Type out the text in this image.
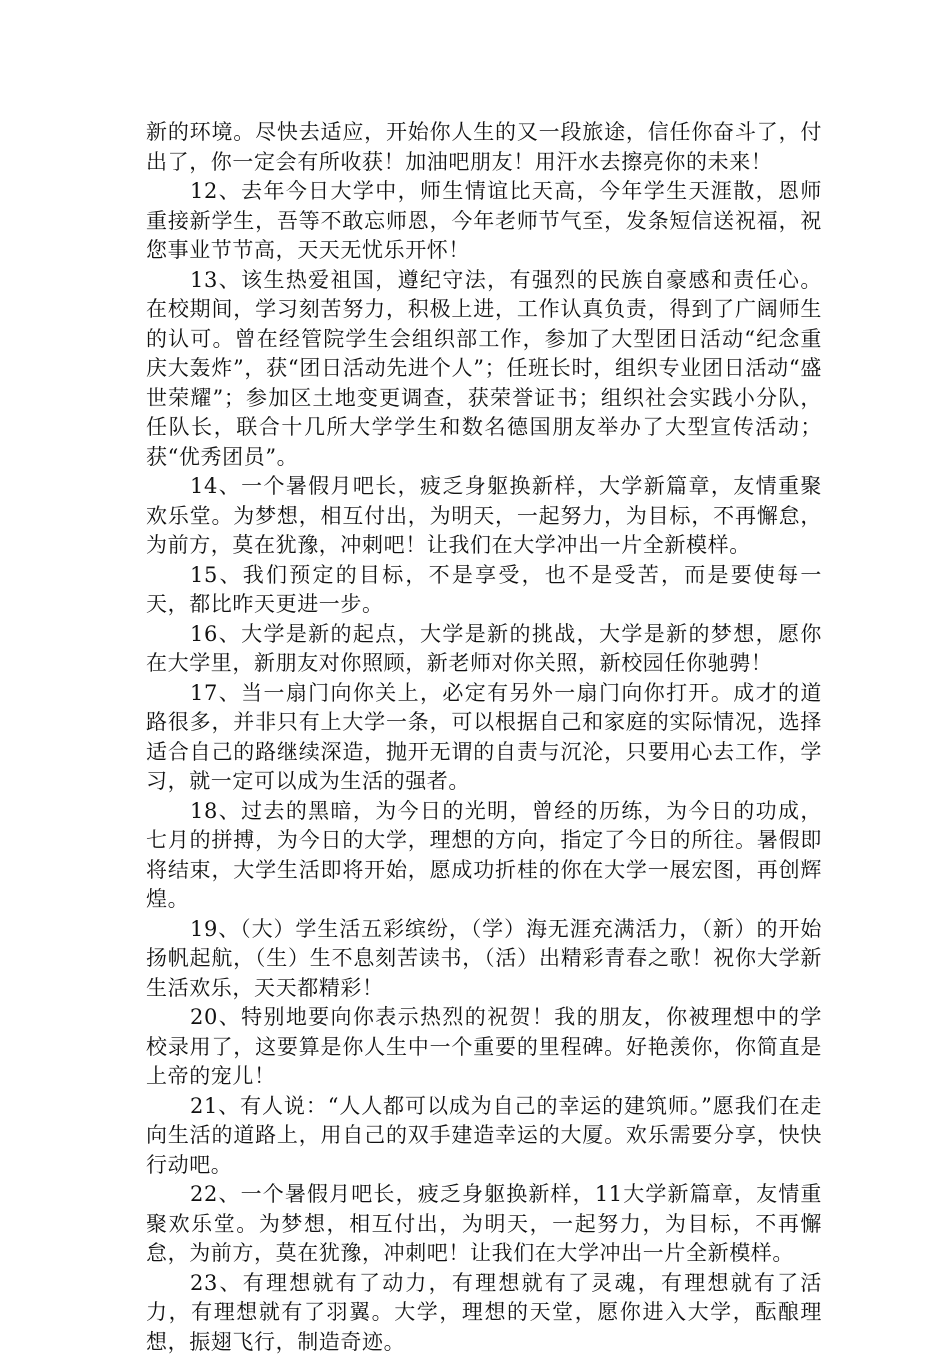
新的环境。尽快去适应，开始你人生的又一段旅途，信任你奋斗了，付出了，你一定会有所收获！加油吧朋友！用汗水去擦亮你的未来！

12、去年今日大学中，师生情谊比天高，今年学生天涯散，恩师重接新学生，吾等不敢忘师恩，今年老师节气至，发条短信送祝福，祝您事业节节高，天天无忧乐开怀！

13、该生热爱祖国，遵纪守法，有强烈的民族自豪感和责任心。在校期间，学习刻苦努力，积极上进，工作认真负责，得到了广阔师生的认可。曾在经管院学生会组织部工作，参加了大型团日活动“纪念重庆大轰炸”，获“团日活动先进个人”；任班长时，组织专业团日活动“盛世荣耀”；参加区土地变更调查，获荣誉证书；组织社会实践小分队，任队长，联合十几所大学学生和数名德国朋友举办了大型宣传活动；获“优秀团员”。

14、一个暑假月吧长，疲乏身躯换新样，大学新篇章，友情重聚欢乐堂。为梦想，相互付出，为明天，一起努力，为目标，不再懈怠，为前方，莫在犹豫，冲刺吧！让我们在大学冲出一片全新模样。

15、我们预定的目标，不是享受，也不是受苦，而是要使每一天，都比昨天更进一步。

16、大学是新的起点，大学是新的挑战，大学是新的梦想，愿你在大学里，新朋友对你照顾，新老师对你关照，新校园任你驰骋！

17、当一扇门向你关上，必定有另外一扇门向你打开。成才的道路很多，并非只有上大学一条，可以根据自己和家庭的实际情况，选择适合自己的路继续深造，抛开无谓的自责与沉沦，只要用心去工作，学习，就一定可以成为生活的强者。

18、过去的黑暗，为今日的光明，曾经的历练，为今日的功成，七月的拼搏，为今日的大学，理想的方向，指定了今日的所往。暑假即将结束，大学生活即将开始，愿成功折桂的你在大学一展宏图，再创辉煌。

19、（大）学生活五彩缤纷，（学）海无涯充满活力，（新）的开始扬帆起航，（生）生不息刻苦读书，（活）出精彩青春之歌！祝你大学新生活欢乐，天天都精彩！

20、特别地要向你表示热烈的祝贺！我的朋友，你被理想中的学校录用了，这要算是你人生中一个重要的里程碑。好艳羡你，你简直是上帝的宠儿！

21、有人说：“人人都可以成为自己的幸运的建筑师。”愿我们在走向生活的道路上，用自己的双手建造幸运的大厦。欢乐需要分享，快快行动吧。

22、一个暑假月吧长，疲乏身躯换新样，11大学新篇章，友情重聚欢乐堂。为梦想，相互付出，为明天，一起努力，为目标，不再懈怠，为前方，莫在犹豫，冲刺吧！让我们在大学冲出一片全新模样。

23、有理想就有了动力，有理想就有了灵魂，有理想就有了活力，有理想就有了羽翼。大学，理想的天堂，愿你进入大学，酝酿理想，振翅飞行，制造奇迹。
